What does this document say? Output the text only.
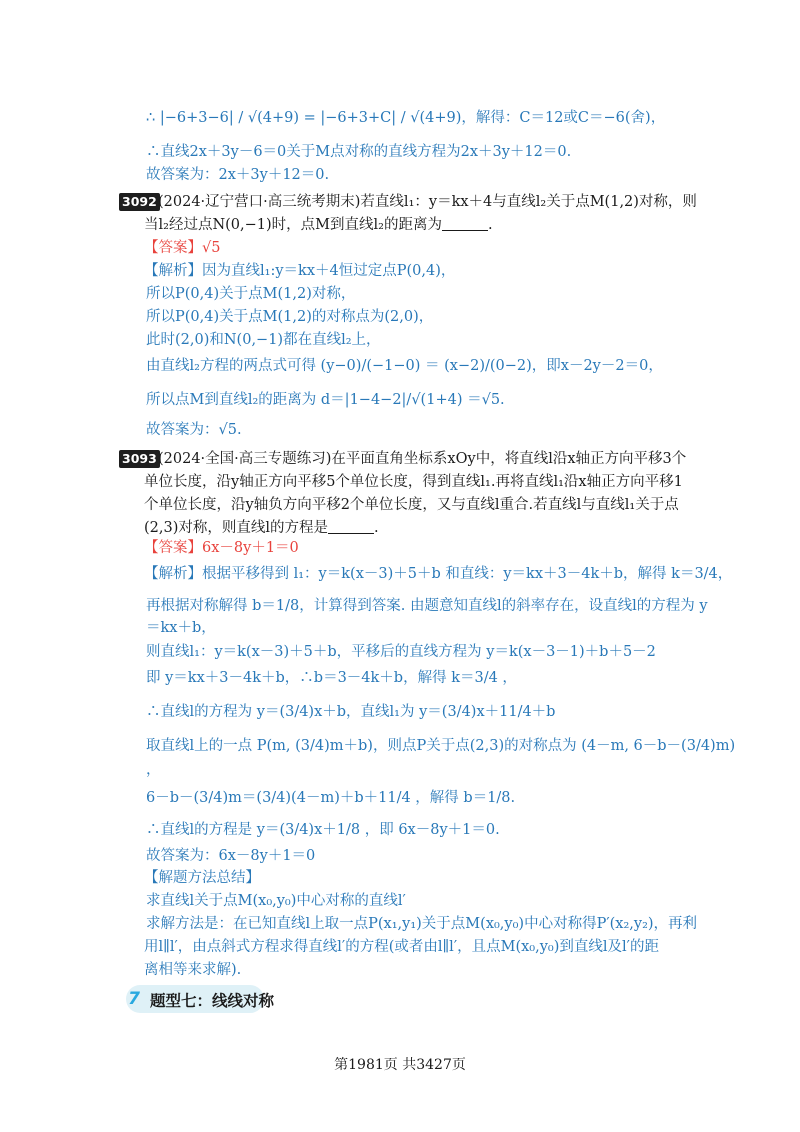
∴ |−6+3−6| / √(4+9) = |−6+3+C| / √(4+9)，解得：C＝12或C＝−6(舍)，
∴直线2x＋3y－6＝0关于M点对称的直线方程为2x＋3y＋12＝0.
故答案为：2x＋3y＋12＝0.
3092 (2024·辽宁营口·高三统考期末)若直线l₁：y＝kx＋4与直线l₂关于点M(1,2)对称，则
当l₂经过点N(0,−1)时，点M到直线l₂的距离为	.
【答案】√5
【解析】因为直线l₁:y＝kx＋4恒过定点P(0,4)，
所以P(0,4)关于点M(1,2)对称，
所以P(0,4)关于点M(1,2)的对称点为(2,0)，
此时(2,0)和N(0,−1)都在直线l₂上，
由直线l₂方程的两点式可得 (y−0)/(−1−0) ＝ (x−2)/(0−2)，即x－2y－2＝0，
所以点M到直线l₂的距离为 d＝|1−4−2|/√(1+4) ＝√5.
故答案为：√5.
3093 (2024·全国·高三专题练习)在平面直角坐标系xOy中，将直线l沿x轴正方向平移3个
单位长度，沿y轴正方向平移5个单位长度，得到直线l₁.再将直线l₁沿x轴正方向平移1
个单位长度，沿y轴负方向平移2个单位长度，又与直线l重合.若直线l与直线l₁关于点
(2,3)对称，则直线l的方程是	.
【答案】6x－8y＋1＝0
【解析】根据平移得到 l₁：y＝k(x－3)＋5＋b 和直线：y＝kx＋3－4k＋b，解得 k＝3/4，
再根据对称解得 b＝1/8，计算得到答案. 由题意知直线l的斜率存在，设直线l的方程为 y
＝kx＋b，
则直线l₁：y＝k(x－3)＋5＋b，平移后的直线方程为 y＝k(x－3－1)＋b＋5－2
即 y＝kx＋3－4k＋b，∴b＝3－4k＋b，解得 k＝3/4 ，
∴直线l的方程为 y＝(3/4)x＋b，直线l₁为 y＝(3/4)x＋11/4＋b
取直线l上的一点 P(m, (3/4)m＋b)，则点P关于点(2,3)的对称点为 (4－m, 6－b－(3/4)m)
，
6－b－(3/4)m＝(3/4)(4－m)＋b＋11/4 ，解得 b＝1/8.
∴直线l的方程是 y＝(3/4)x＋1/8 ，即 6x－8y＋1＝0.
故答案为：6x－8y＋1＝0
【解题方法总结】
求直线l关于点M(x₀,y₀)中心对称的直线l′
求解方法是：在已知直线l上取一点P(x₁,y₁)关于点M(x₀,y₀)中心对称得P′(x₂,y₂)，再利
用l∥l′，由点斜式方程求得直线l′的方程(或者由l∥l′，且点M(x₀,y₀)到直线l及l′的距
离相等来求解).
7 题型七：线线对称
第1981页 共3427页
